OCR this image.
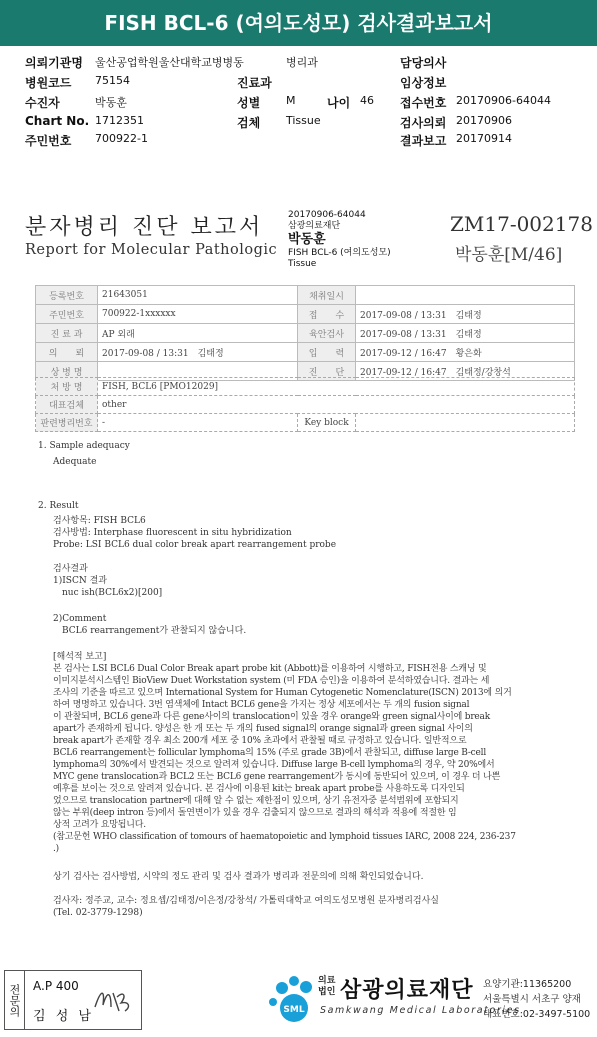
FISH BCL-6 (여의도성모) 검사결과보고서
의뢰기관명 울산공업학원울산대학교병병동	병리과	담당의사
병원코드 75154	진료과	임상정보
수진자	박동훈	성별 M	나이 46 접수번호 20170906-64044
Chart No. 1712351	검체 Tissue	검사의뢰 20170906
주민번호 700922-1	결과보고 20170914
분자병리 진단 보고서
Report for Molecular Pathologic
20170906-64044
삼광의료재단
박동훈
FISH BCL-6 (여의도성모)
Tissue
ZM17-002178
박동훈[M/46]
등록번호	21643051	채취일시	
주민번호	700922-1xxxxxx	접　　수	2017-09-08 / 13:31　김태정
진 료 과	AP 외래	육안검사	2017-09-08 / 13:31　김태정
의　　뢰	2017-09-08 / 13:31　김태정	입　　력	2017-09-12 / 16:47　황은화
상 병 명		진　　단	2017-09-12 / 16:47　김태정/강창석
처 방 명	FISH, BCL6 [PMO12029]		
대표검체	other		
판련병리번호	-	Key block	

1. Sample adequacy

Adequate

2. Result

검사항목: FISH BCL6

검사방법: Interphase fluorescent in situ hybridization

Probe: LSI BCL6 dual color break apart rearrangement probe

검사결과

1)ISCN 결과

nuc ish(BCL6x2)[200]

2)Comment

BCL6 rearrangement가 관찰되지 않습니다.

[해석적 보고]

본 검사는 LSI BCL6 Dual Color Break apart probe kit (Abbott)를 이용하여 시행하고, FISH전용 스캐닝 및

이미지분석시스템인 BioView Duet Workstation system (미 FDA 승인)을 이용하여 분석하였습니다. 결과는 세

조사의 기준을 따르고 있으며 International System for Human Cytogenetic Nomenclature(ISCN) 2013에 의거

하여 명명하고 있습니다. 3번 염색체에 Intact BCL6 gene을 가지는 정상 세포에서는 두 개의 fusion signal

이 관찰되며, BCL6 gene과 다른 gene사이의 translocation이 있을 경우 orange와 green signal사이에 break

apart가 존재하게 됩니다. 양성은 한 개 또는 두 개의 fused signal의 orange signal과 green signal 사이의

break apart가 존재할 경우 최소 200개 세포 중 10% 초과에서 관찰될 때로 규정하고 있습니다. 일반적으로

BCL6 rearrangement는 follicular lymphoma의 15% (주로 grade 3B)에서 관찰되고, diffuse large B-cell

lymphoma의 30%에서 발견되는 것으로 알려져 있습니다. Diffuse large B-cell lymphoma의 경우, 약 20%에서

MYC gene translocation과 BCL2 또는 BCL6 gene rearrangement가 동시에 동반되어 있으며, 이 경우 더 나쁜

예후를 보이는 것으로 알려져 있습니다. 본 검사에 이용된 kit는 break apart probe를 사용하도록 디자인되

었으므로 translocation partner에 대해 알 수 없는 제한점이 있으며, 상기 유전자중 분석범위에 포함되지

않는 부위(deep intron 등)에서 돌연변이가 있을 경우 검출되지 않으므로 결과의 해석과 적용에 적절한 임

상적 고려가 요망됩니다.

(참고문헌 WHO classification of tomours of haematopoietic and lymphoid tissues IARC, 2008 224, 236-237

.)

상기 검사는 검사방법, 시약의 정도 관리 및 검사 결과가 병리과 전문의에 의해 확인되었습니다.

검사자: 정주교, 교수: 정요셉/김태정/이은정/강창석/ 가톨릭대학교 여의도성모병원 분자병리검사실

(Tel. 02-3779-1298)

전문의	A.P 400
김 성 남	SML
의료
법인 삼광의료재단
Samkwang Medical Laboratories
요양기관:11365200
서울특별시 서초구 양재
대표번호:02-3497-5100
